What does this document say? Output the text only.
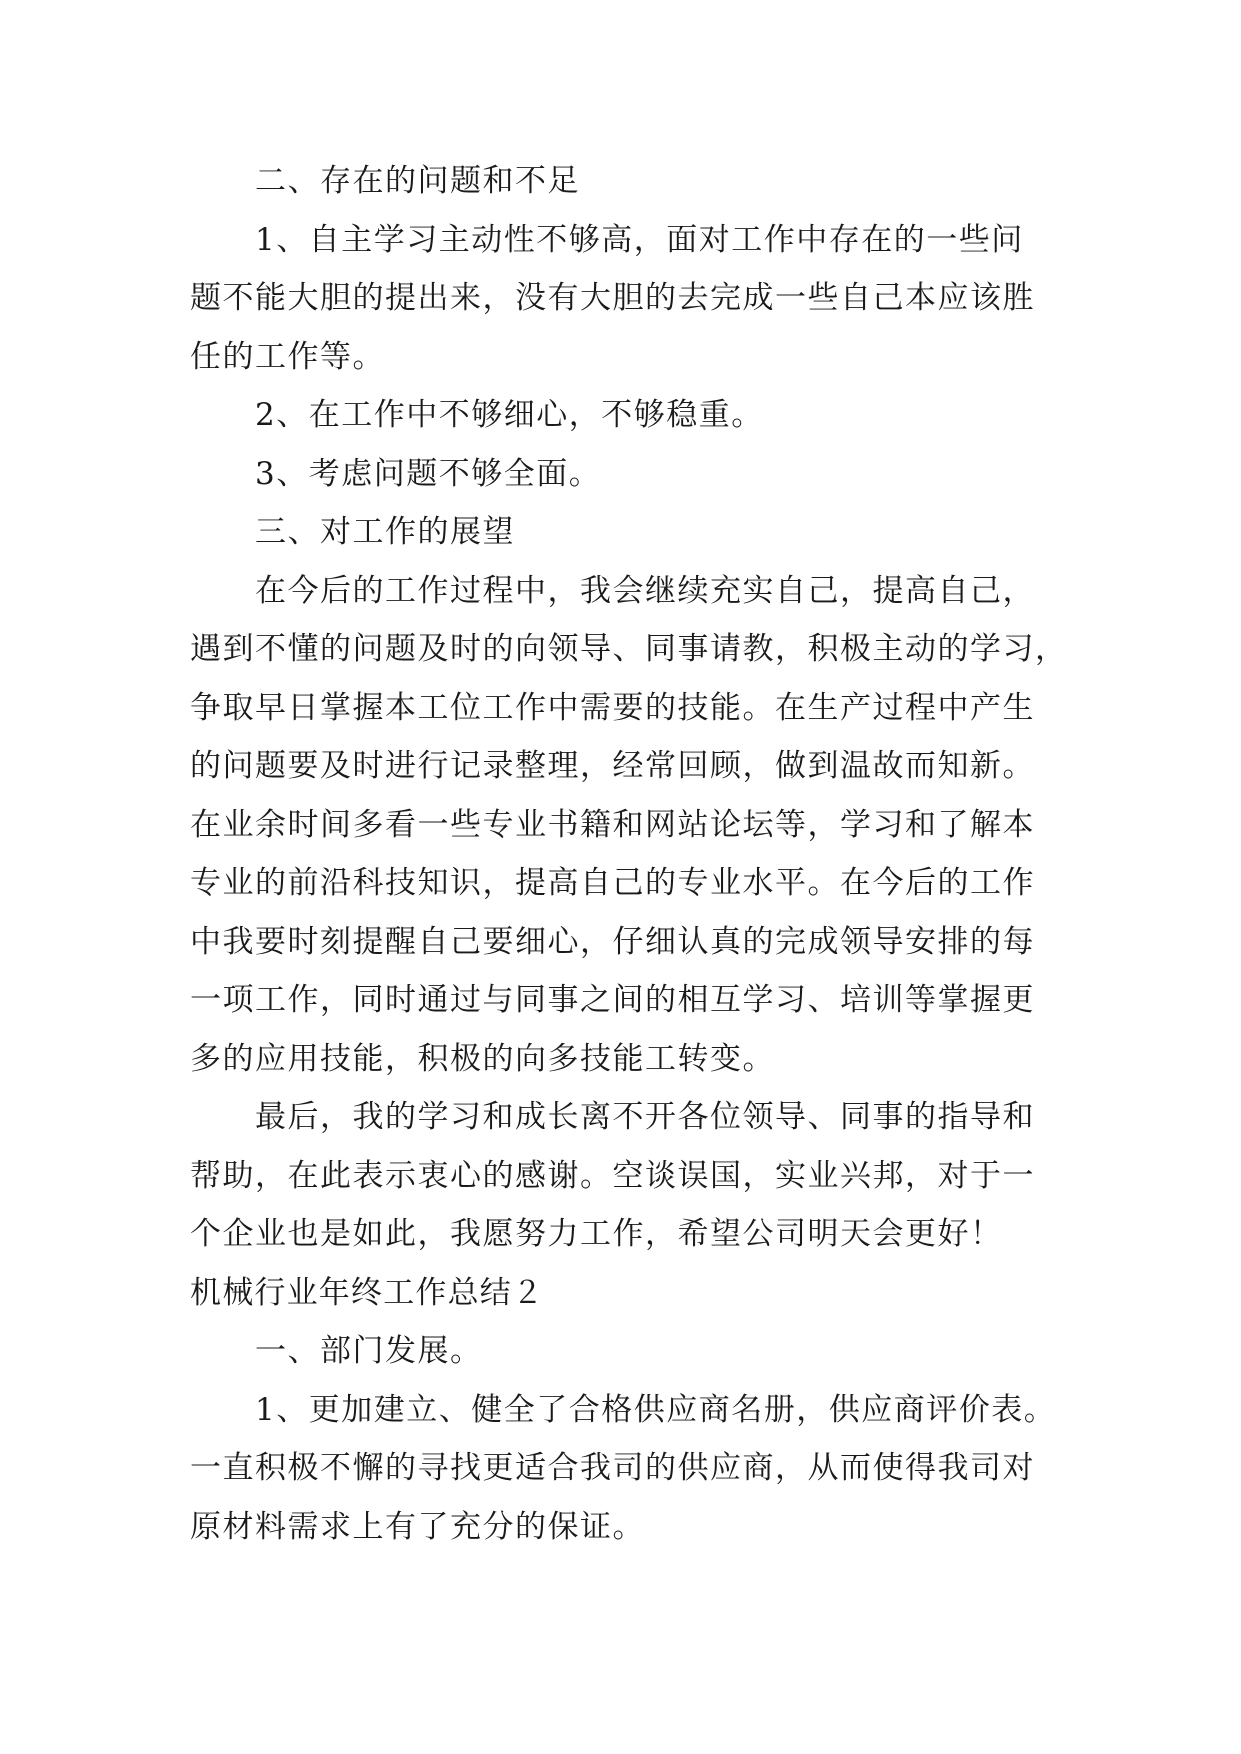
二、存在的问题和不足
1、自主学习主动性不够高，面对工作中存在的一些问
题不能大胆的提出来，没有大胆的去完成一些自己本应该胜
任的工作等。
2、在工作中不够细心，不够稳重。
3、考虑问题不够全面。
三、对工作的展望
在今后的工作过程中，我会继续充实自己，提高自己，
遇到不懂的问题及时的向领导、同事请教，积极主动的学习，
争取早日掌握本工位工作中需要的技能。在生产过程中产生
的问题要及时进行记录整理，经常回顾，做到温故而知新。
在业余时间多看一些专业书籍和网站论坛等，学习和了解本
专业的前沿科技知识，提高自己的专业水平。在今后的工作
中我要时刻提醒自己要细心，仔细认真的完成领导安排的每
一项工作，同时通过与同事之间的相互学习、培训等掌握更
多的应用技能，积极的向多技能工转变。
最后，我的学习和成长离不开各位领导、同事的指导和
帮助，在此表示衷心的感谢。空谈误国，实业兴邦，对于一
个企业也是如此，我愿努力工作，希望公司明天会更好！
机械行业年终工作总结２
一、部门发展。
1、更加建立、健全了合格供应商名册，供应商评价表。
一直积极不懈的寻找更适合我司的供应商，从而使得我司对
原材料需求上有了充分的保证。
